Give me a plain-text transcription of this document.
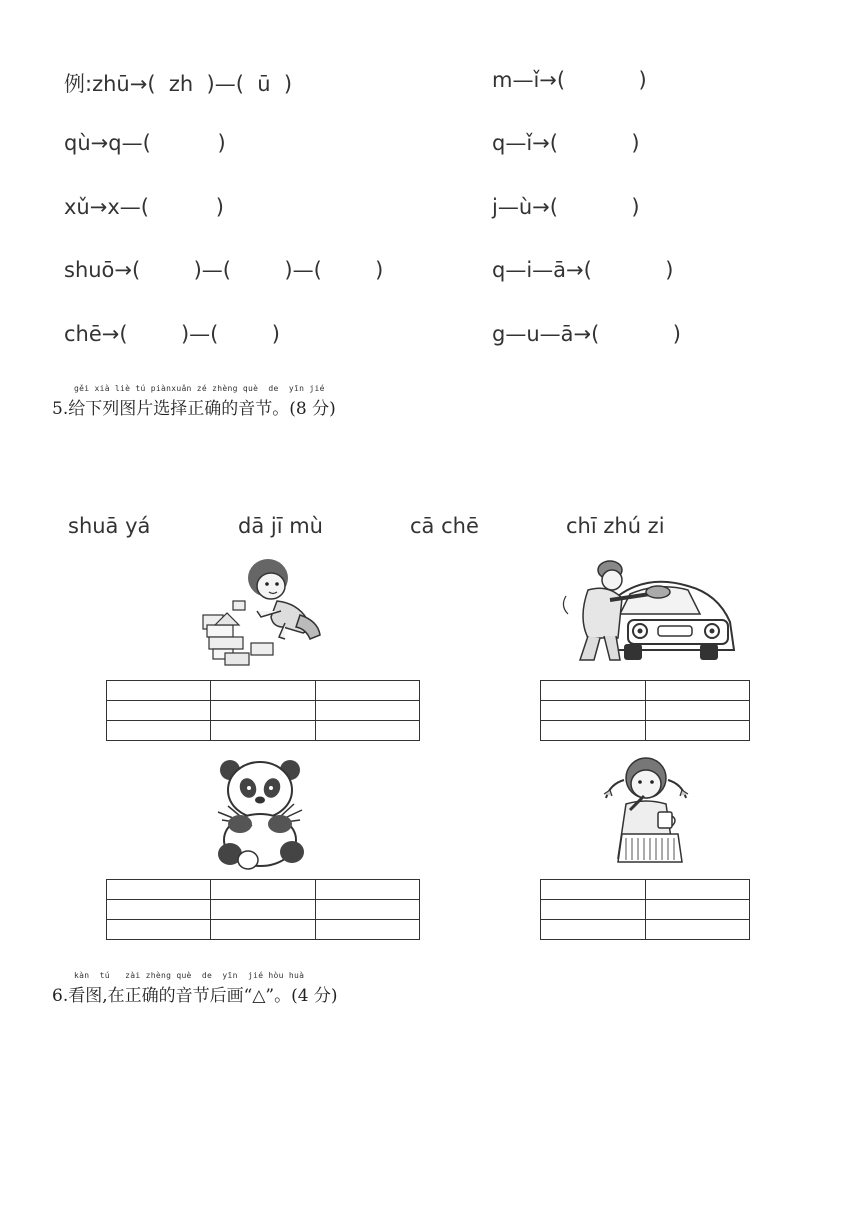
例:zhū→(  zh  )—(  ū  )
qù→q—(          )
xǔ→x—(          )
shuō→(        )—(        )—(        )
chē→(        )—(        )
m—ǐ→(           )
q—ǐ→(           )
j—ù→(           )
q—i—ā→(           )
g—u—ā→(           )
gěi xià liè tú piànxuǎn zé zhèng què  de  yīn jié
5.给下列图片选择正确的音节。(8 分)
shuā yá	dā jī mù	cā chē	chī zhú zi

kàn  tú   zài zhèng què  de  yīn  jié hòu huà
6.看图,在正确的音节后画“△”。(4 分)
